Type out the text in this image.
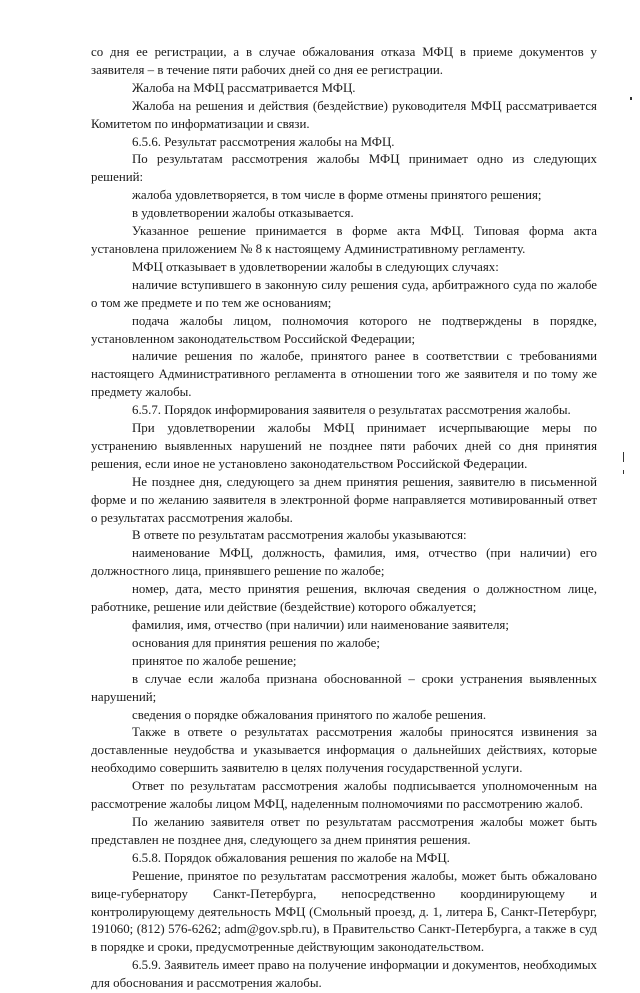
со дня ее регистрации, а в случае обжалования отказа МФЦ в приеме документов у заявителя – в течение пяти рабочих дней со дня ее регистрации.

Жалоба на МФЦ рассматривается МФЦ.

Жалоба на решения и действия (бездействие) руководителя МФЦ рассматривается Комитетом по информатизации и связи.

6.5.6. Результат рассмотрения жалобы на МФЦ.

По результатам рассмотрения жалобы МФЦ принимает одно из следующих решений:

жалоба удовлетворяется, в том числе в форме отмены принятого решения;

в удовлетворении жалобы отказывается.

Указанное решение принимается в форме акта МФЦ. Типовая форма акта установлена приложением № 8 к настоящему Административному регламенту.

МФЦ отказывает в удовлетворении жалобы в следующих случаях:

наличие вступившего в законную силу решения суда, арбитражного суда по жалобе о том же предмете и по тем же основаниям;

подача жалобы лицом, полномочия которого не подтверждены в порядке, установленном законодательством Российской Федерации;

наличие решения по жалобе, принятого ранее в соответствии с требованиями настоящего Административного регламента в отношении того же заявителя и по тому же предмету жалобы.

6.5.7. Порядок информирования заявителя о результатах рассмотрения жалобы.

При удовлетворении жалобы МФЦ принимает исчерпывающие меры по устранению выявленных нарушений не позднее пяти рабочих дней со дня принятия решения, если иное не установлено законодательством Российской Федерации.

Не позднее дня, следующего за днем принятия решения, заявителю в письменной форме и по желанию заявителя в электронной форме направляется мотивированный ответ о результатах рассмотрения жалобы.

В ответе по результатам рассмотрения жалобы указываются:

наименование МФЦ, должность, фамилия, имя, отчество (при наличии) его должностного лица, принявшего решение по жалобе;

номер, дата, место принятия решения, включая сведения о должностном лице, работнике, решение или действие (бездействие) которого обжалуется;

фамилия, имя, отчество (при наличии) или наименование заявителя;

основания для принятия решения по жалобе;

принятое по жалобе решение;

в случае если жалоба признана обоснованной – сроки устранения выявленных нарушений;

сведения о порядке обжалования принятого по жалобе решения.

Также в ответе о результатах рассмотрения жалобы приносятся извинения за доставленные неудобства и указывается информация о дальнейших действиях, которые необходимо совершить заявителю в целях получения государственной услуги.

Ответ по результатам рассмотрения жалобы подписывается уполномоченным на рассмотрение жалобы лицом МФЦ, наделенным полномочиями по рассмотрению жалоб.

По желанию заявителя ответ по результатам рассмотрения жалобы может быть представлен не позднее дня, следующего за днем принятия решения.

6.5.8. Порядок обжалования решения по жалобе на МФЦ.

Решение, принятое по результатам рассмотрения жалобы, может быть обжаловано вице-губернатору Санкт-Петербурга, непосредственно координирующему и контролирующему деятельность МФЦ (Смольный проезд, д. 1, литера Б, Санкт-Петербург, 191060; (812) 576-6262; adm@gov.spb.ru), в Правительство Санкт-Петербурга, а также в суд в порядке и сроки, предусмотренные действующим законодательством.

6.5.9. Заявитель имеет право на получение информации и документов, необходимых для обоснования и рассмотрения жалобы.
